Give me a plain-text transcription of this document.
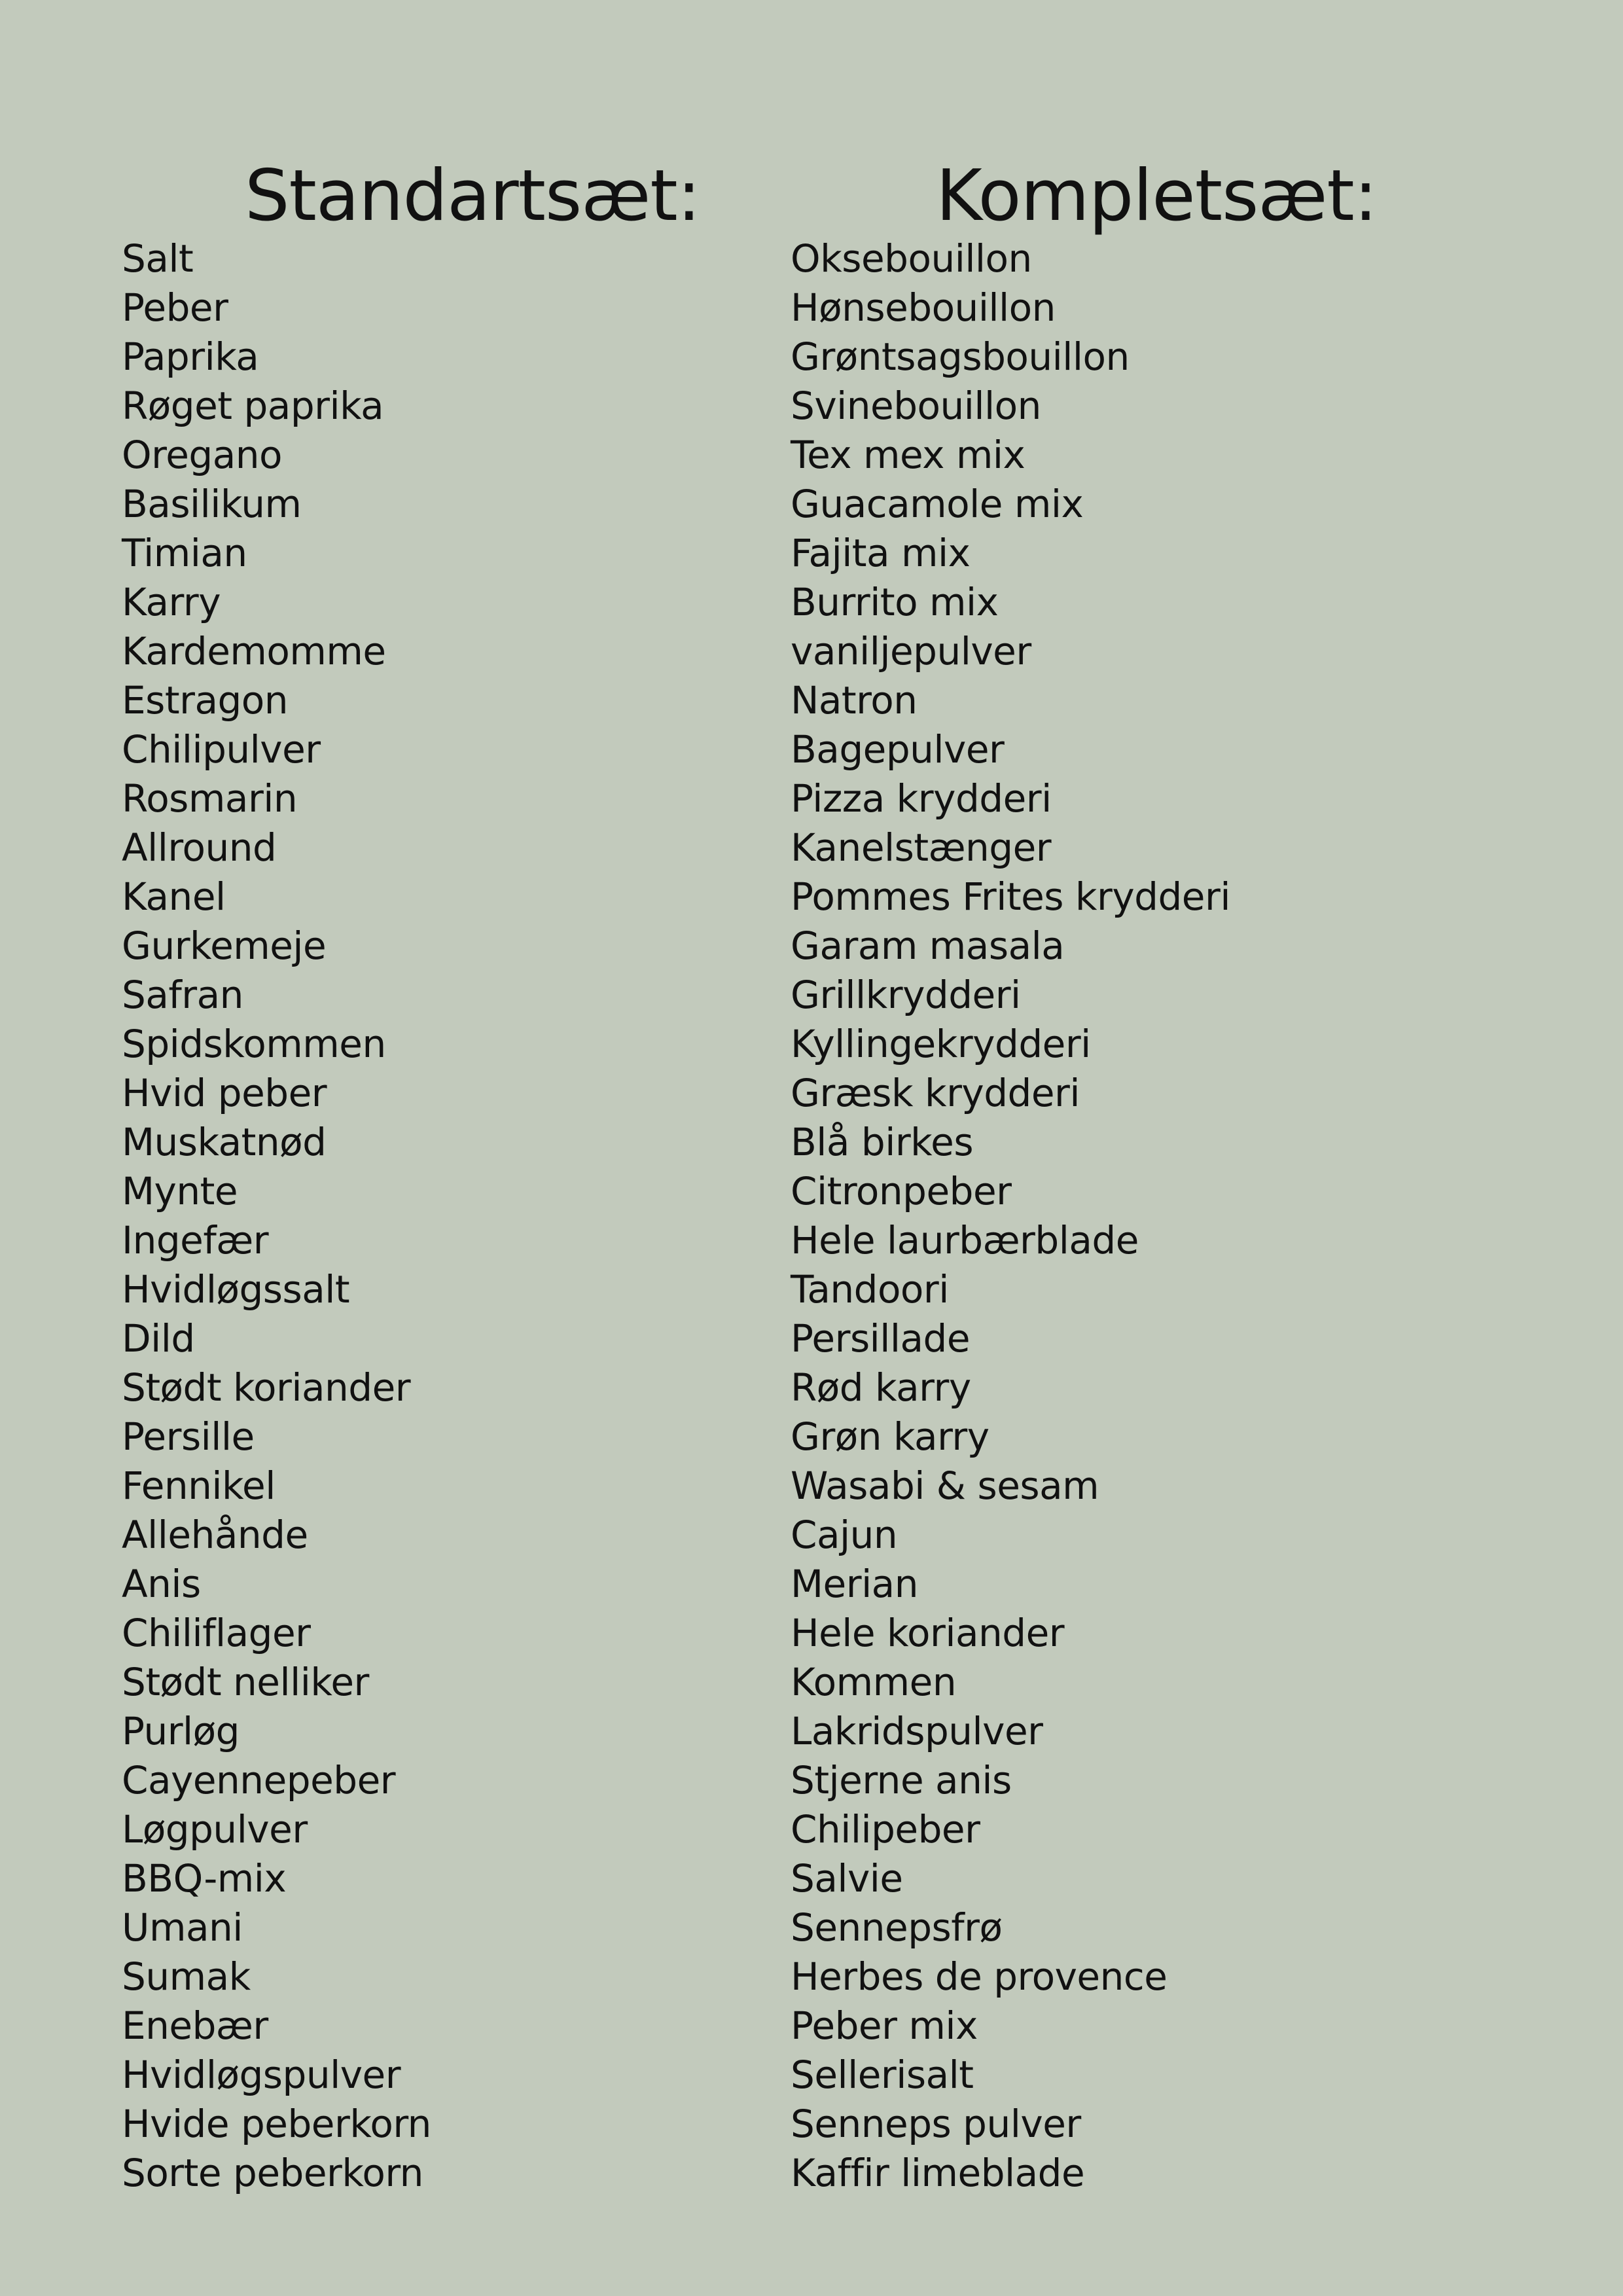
Standartsæt:
Salt
Peber
Paprika
Røget paprika
Oregano
Basilikum
Timian
Karry
Kardemomme
Estragon
Chilipulver
Rosmarin
Allround
Kanel
Gurkemeje
Safran
Spidskommen
Hvid peber
Muskatnød
Mynte
Ingefær
Hvidløgssalt
Dild
Stødt koriander
Persille
Fennikel
Allehånde
Anis
Chiliflager
Stødt nelliker
Purløg
Cayennepeber
Løgpulver
BBQ-mix
Umani
Sumak
Enebær
Hvidløgspulver
Hvide peberkorn
Sorte peberkorn
Kompletsæt:
Oksebouillon
Hønsebouillon
Grøntsagsbouillon
Svinebouillon
Tex mex mix
Guacamole mix
Fajita mix
Burrito mix
vaniljepulver
Natron
Bagepulver
Pizza krydderi
Kanelstænger
Pommes Frites krydderi
Garam masala
Grillkrydderi
Kyllingekrydderi
Græsk krydderi
Blå birkes
Citronpeber
Hele laurbærblade
Tandoori
Persillade
Rød karry
Grøn karry
Wasabi & sesam
Cajun
Merian
Hele koriander
Kommen
Lakridspulver
Stjerne anis
Chilipeber
Salvie
Sennepsfrø
Herbes de provence
Peber mix
Sellerisalt
Senneps pulver
Kaffir limeblade
